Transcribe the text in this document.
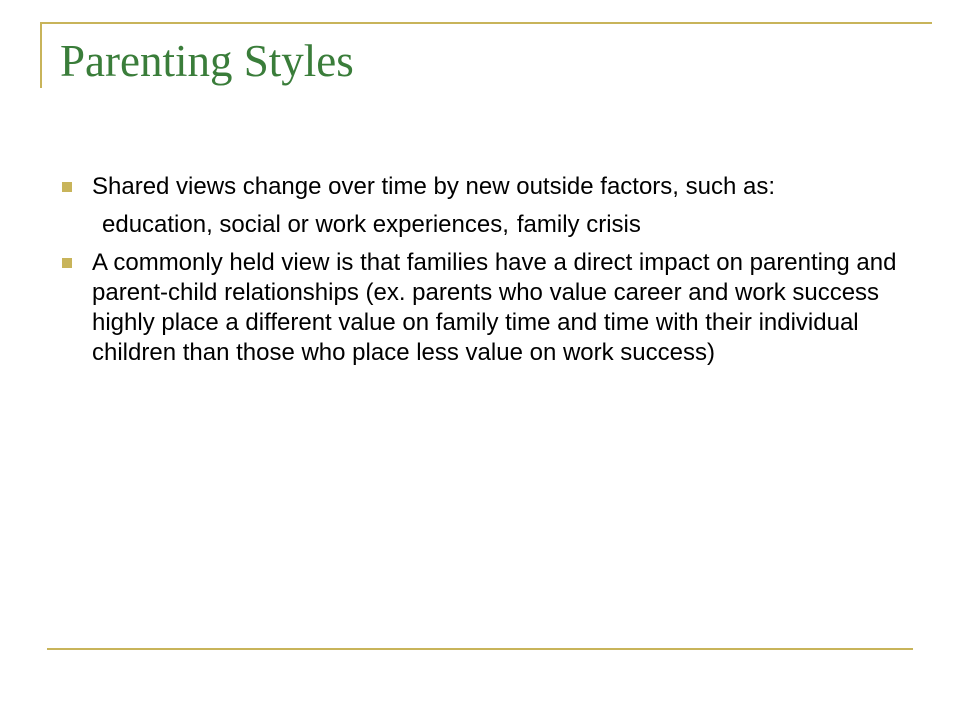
Parenting Styles
Shared views change over time by new outside factors, such as:
education, social or work experiences, family crisis
A commonly held view is that families have a direct impact on parenting and parent-child relationships (ex. parents who value career and work success highly place a different value on family time and time with their individual children than those who place less value on work success)
